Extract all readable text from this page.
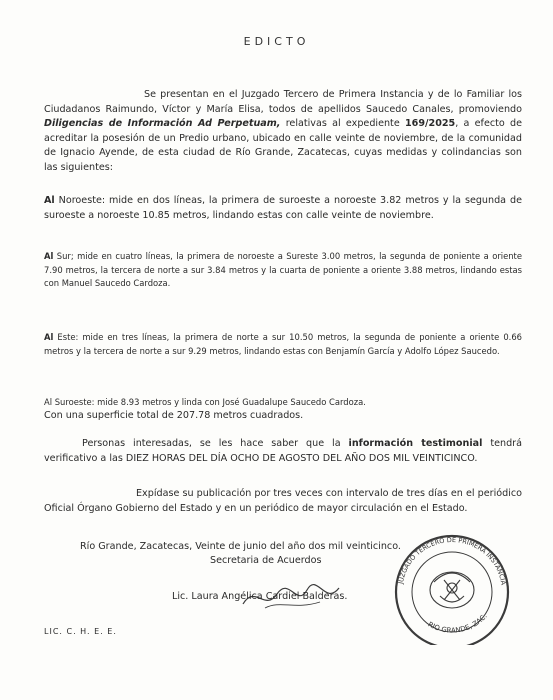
EDICTO
Se presentan en el Juzgado Tercero de Primera Instancia y de lo Familiar los Ciudadanos Raimundo, Víctor y María Elisa, todos de apellidos Saucedo Canales, promoviendo Diligencias de Información Ad Perpetuam, relativas al expediente 169/2025, a efecto de acreditar la posesión de un Predio urbano, ubicado en calle veinte de noviembre, de la comunidad de Ignacio Ayende, de esta ciudad de Río Grande, Zacatecas, cuyas medidas y colindancias son las siguientes:
Al Noroeste: mide en dos líneas, la primera de suroeste a noroeste 3.82 metros y la segunda de suroeste a noroeste 10.85 metros, lindando estas con calle veinte de noviembre.
Al Sur; mide en cuatro líneas, la primera de noroeste a Sureste 3.00 metros, la segunda de poniente a oriente 7.90 metros, la tercera de norte a sur 3.84 metros y la cuarta de poniente a oriente 3.88 metros, lindando estas con Manuel Saucedo Cardoza.
Al Este: mide en tres líneas, la primera de norte a sur 10.50 metros, la segunda de poniente a oriente 0.66 metros y la tercera de norte a sur 9.29 metros, lindando estas con Benjamín García y Adolfo López Saucedo.
Al Suroeste: mide 8.93 metros y linda con José Guadalupe Saucedo Cardoza.
Con una superficie total de 207.78 metros cuadrados.
Personas interesadas, se les hace saber que la información testimonial tendrá verificativo a las DIEZ HORAS DEL DÍA OCHO DE AGOSTO DEL AÑO DOS MIL VEINTICINCO.
Expídase su publicación por tres veces con intervalo de tres días en el periódico Oficial Órgano Gobierno del Estado y en un periódico de mayor circulación en el Estado.
Río Grande, Zacatecas, Veinte de junio del año dos mil veinticinco.
Secretaria de Acuerdos
Lic. Laura Angélica Cardiel Balderas.
LIC. C. H. E. E.
JUZGADO TERCERO DE PRIMERA INSTANCIA
RIO GRANDE, ZAC.
